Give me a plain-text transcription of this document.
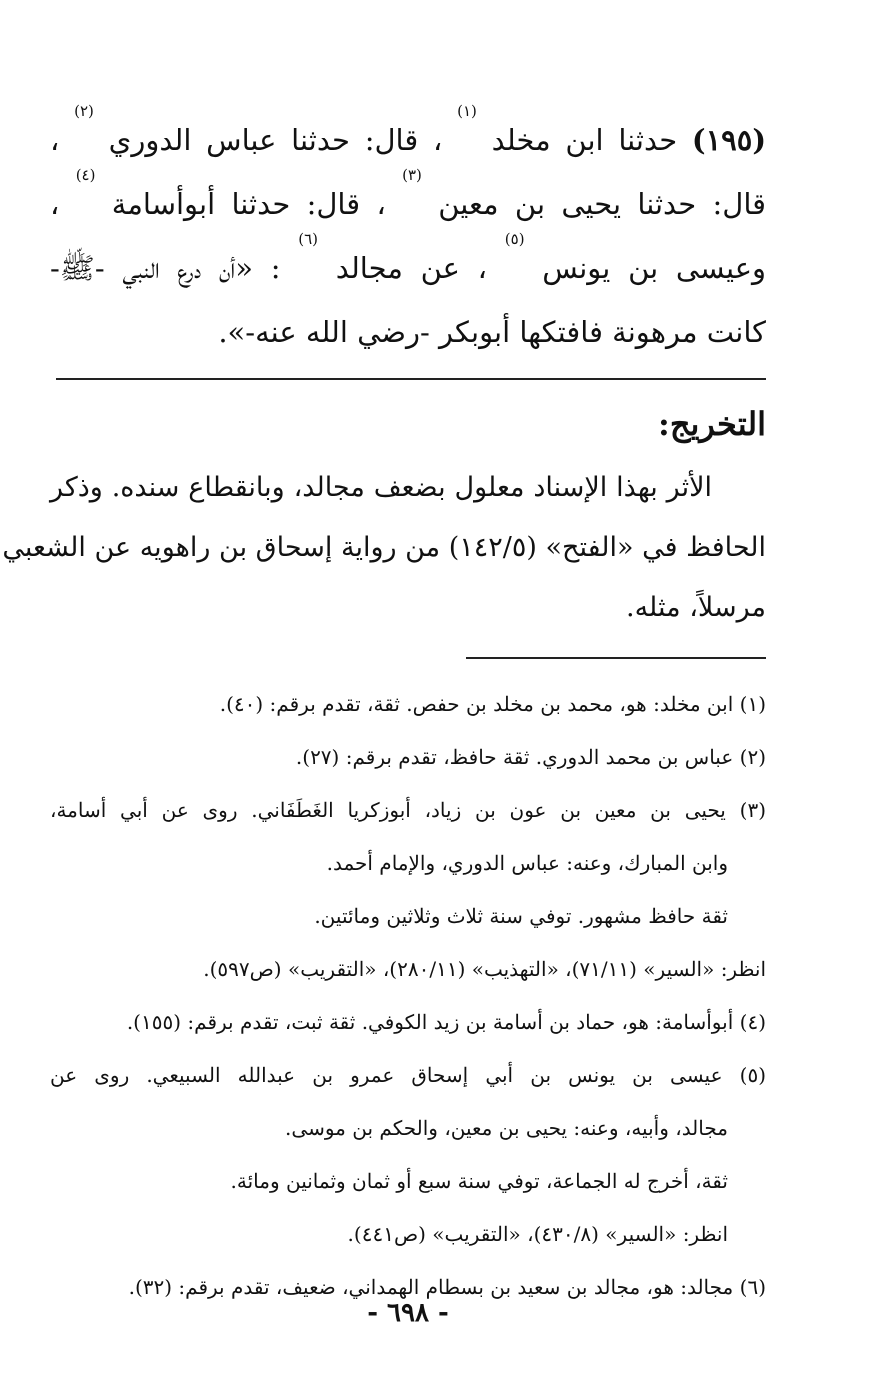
(١٩٥) حدثنا ابن مخلد $^{(١)}$ ، قال: حدثنا عباس الدوري $^{(٢)}$ ،
قال: حدثنا يحيى بن معين $^{(٣)}$ ، قال: حدثنا أبوأسامة $^{(٤)}$ ،
وعيسى بن يونس $^{(٥)}$ ، عن مجالد $^{(٦)}$ : «أن درع النبي -ﷺ-
كانت مرهونة فافتكها أبوبكر -رضي الله عنه-».
التخريج:
الأثر بهذا الإسناد معلول بضعف مجالد، وبانقطاع سنده. وذكر
الحافظ في «الفتح» (١٤٢/٥) من رواية إسحاق بن راهويه عن الشعبي
مرسلاً، مثله.
(١) ابن مخلد: هو، محمد بن مخلد بن حفص. ثقة، تقدم برقم: (٤٠).
(٢) عباس بن محمد الدوري. ثقة حافظ، تقدم برقم: (٢٧).
(٣) يحيى بن معين بن عون بن زياد، أبوزكريا الغَطَفَاني. روى عن أبي أسامة،
وابن المبارك، وعنه: عباس الدوري، والإمام أحمد.
ثقة حافظ مشهور. توفي سنة ثلاث وثلاثين ومائتين.
انظر: «السير» (٧١/١١)، «التهذيب» (٢٨٠/١١)، «التقريب» (ص٥٩٧).
(٤) أبوأسامة: هو، حماد بن أسامة بن زيد الكوفي. ثقة ثبت، تقدم برقم: (١٥٥).
(٥) عيسى بن يونس بن أبي إسحاق عمرو بن عبدالله السبيعي. روى عن
مجالد، وأبيه، وعنه: يحيى بن معين، والحكم بن موسى.
ثقة، أخرج له الجماعة، توفي سنة سبع أو ثمان وثمانين ومائة.
انظر: «السير» (٤٣٠/٨)، «التقريب» (ص٤٤١).
(٦) مجالد: هو، مجالد بن سعيد بن بسطام الهمداني، ضعيف، تقدم برقم: (٣٢).
- ٦٩٨ -
